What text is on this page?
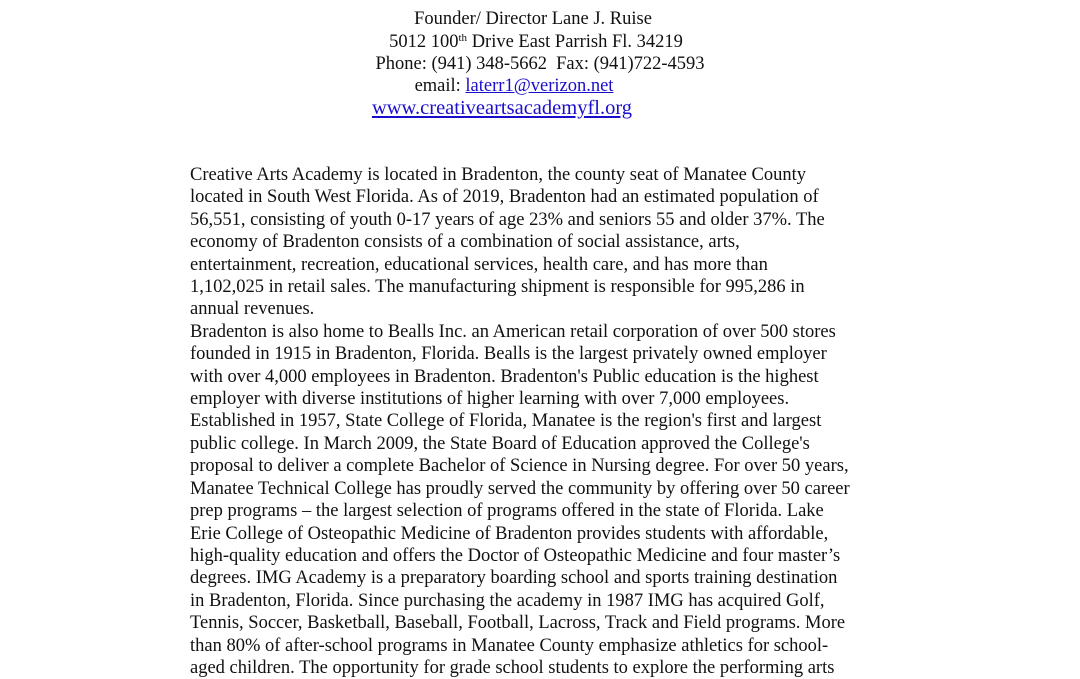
Founder/ Director Lane J. Ruise
5012 100th Drive East Parrish Fl. 34219
Phone: (941) 348-5662 Fax: (941)722-4593
email: laterr1@verizon.net
www.creativeartsacademyfl.org
Creative Arts Academy is located in Bradenton, the county seat of Manatee County
located in South West Florida. As of 2019, Bradenton had an estimated population of
56,551, consisting of youth 0-17 years of age 23% and seniors 55 and older 37%. The
economy of Bradenton consists of a combination of social assistance, arts,
entertainment, recreation, educational services, health care, and has more than
1,102,025 in retail sales. The manufacturing shipment is responsible for 995,286 in
annual revenues.
Bradenton is also home to Bealls Inc. an American retail corporation of over 500 stores
founded in 1915 in Bradenton, Florida. Bealls is the largest privately owned employer
with over 4,000 employees in Bradenton. Bradenton's Public education is the highest
employer with diverse institutions of higher learning with over 7,000 employees.
Established in 1957, State College of Florida, Manatee is the region's first and largest
public college. In March 2009, the State Board of Education approved the College's
proposal to deliver a complete Bachelor of Science in Nursing degree. For over 50 years,
Manatee Technical College has proudly served the community by offering over 50 career
prep programs – the largest selection of programs offered in the state of Florida. Lake
Erie College of Osteopathic Medicine of Bradenton provides students with affordable,
high-quality education and offers the Doctor of Osteopathic Medicine and four master’s
degrees. IMG Academy is a preparatory boarding school and sports training destination
in Bradenton, Florida. Since purchasing the academy in 1987 IMG has acquired Golf,
Tennis, Soccer, Basketball, Baseball, Football, Lacross, Track and Field programs. More
than 80% of after-school programs in Manatee County emphasize athletics for school-
aged children. The opportunity for grade school students to explore the performing arts
